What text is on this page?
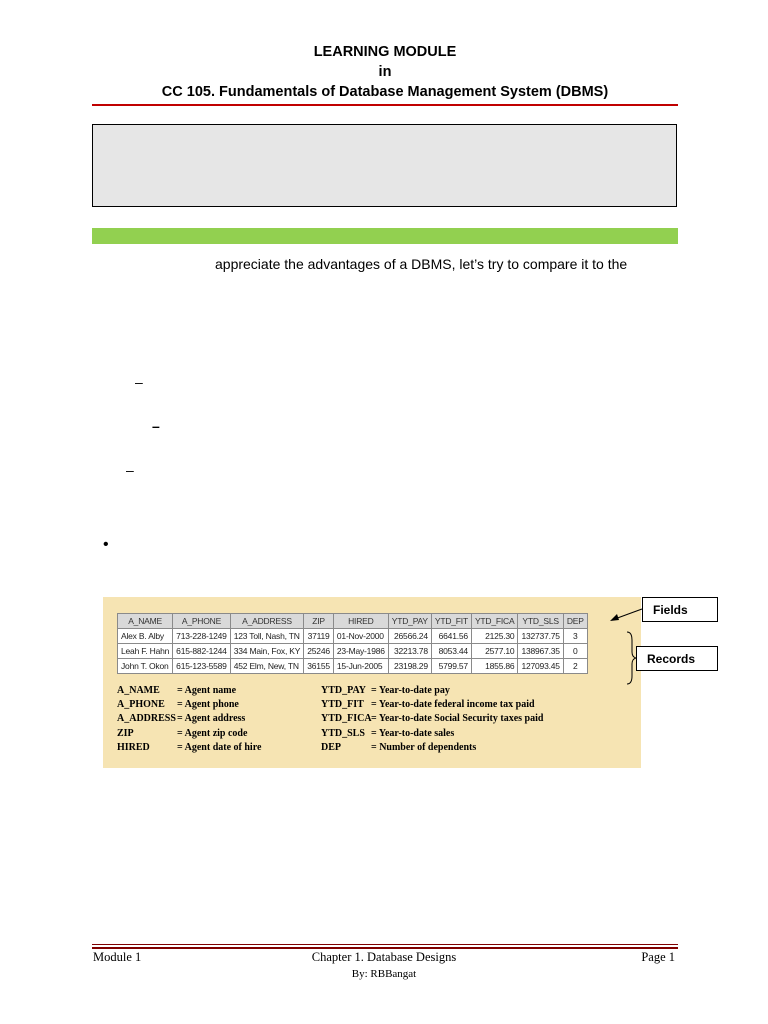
LEARNING MODULE
in
CC 105. Fundamentals of Database Management System (DBMS)
appreciate the advantages of a DBMS, let’s try to compare it to the
–
–
–
•
A_NAME	A_PHONE	A_ADDRESS	ZIP	HIRED	YTD_PAY	YTD_FIT	YTD_FICA	YTD_SLS	DEP
Alex B. Alby	713-228-1249	123 Toll, Nash, TN	37119	01-Nov-2000	26566.24	6641.56	2125.30	132737.75	3
Leah F. Hahn	615-882-1244	334 Main, Fox, KY	25246	23-May-1986	32213.78	8053.44	2577.10	138967.35	0
John T. Okon	615-123-5589	452 Elm, New, TN	36155	15-Jun-2005	23198.29	5799.57	1855.86	127093.45	2
A_NAME	= Agent name
A_PHONE	= Agent phone
A_ADDRESS = Agent address
ZIP	= Agent zip code
HIRED	= Agent date of hire
YTD_PAY = Year-to-date pay
YTD_FIT = Year-to-date federal income tax paid
YTD_FICA = Year-to-date Social Security taxes paid
YTD_SLS = Year-to-date sales
DEP	= Number of dependents
Fields
Records
Module 1	Chapter 1. Database Designs	Page 1
By: RBBangat
